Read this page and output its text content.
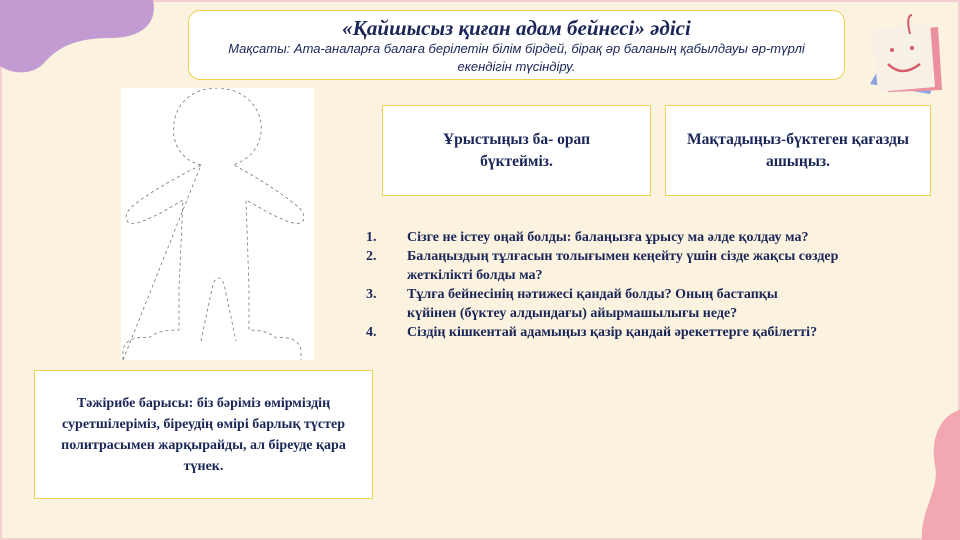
«Қайшысыз қиған адам бейнесі» әдісі
Мақсаты: Ата-аналарға балаға берілетін білім бірдей, бірақ әр баланың қабылдауы әр-түрлі екендігін түсіндіру.
Ұрыстыңыз ба- орап бүктейміз.
Мақтадыңыз-бүктеген қағазды ашыңыз.
1.	Сізге не істеу оңай болды: балаңызға ұрысу ма әлде қолдау ма?
2.	Балаңыздың тұлғасын толығымен кеңейту үшін сізде жақсы сөздер жеткілікті болды ма?
3.	Тұлға бейнесінің нәтижесі қандай болды? Оның бастапқы күйінен (бүктеу алдындағы) айырмашылығы неде?
4.	Сіздің кішкентай адамыңыз қазір қандай әрекеттерге қабілетті?
Тәжірибе барысы: біз бәріміз өмірміздің суретшілеріміз, біреудің өмірі барлық түстер политрасымен жарқырайды, ал біреуде қара түнек.
